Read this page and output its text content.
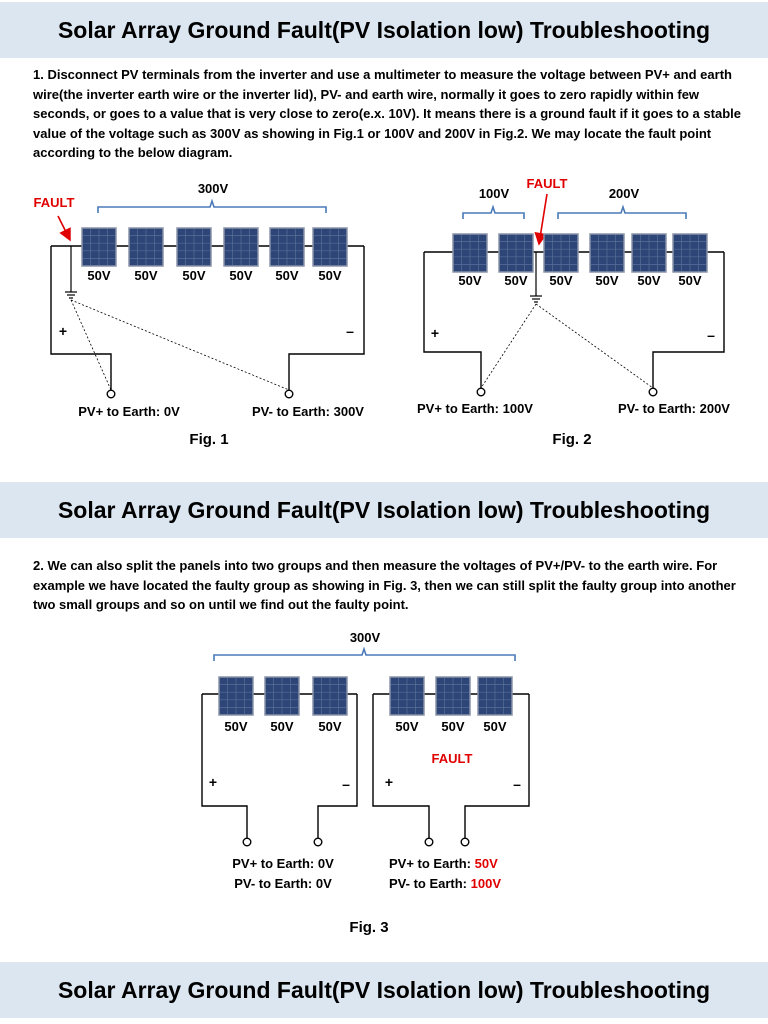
Solar Array Ground Fault(PV Isolation low) Troubleshooting
Solar Array Ground Fault(PV Isolation low) Troubleshooting
Solar Array Ground Fault(PV Isolation low) Troubleshooting

1. Disconnect PV terminals from the inverter and use a multimeter to measure the voltage between PV+ and earth wire(the inverter earth wire or the inverter lid), PV- and earth wire, normally it goes to zero rapidly within few seconds, or goes to a value that is very close to zero(e.x. 10V). It means there is a ground fault if it goes to a stable value of the voltage such as 300V as showing in Fig.1 or 100V and 200V in Fig.2. We may locate the fault point according to the below diagram.

2. We can also split the panels into two groups and then measure the voltages of PV+/PV- to the earth wire. For example we have located the faulty group as showing in Fig. 3, then we can still split the faulty group into another two small groups and so on until we find out the faulty point.

300V
FAULT
+	–
PV+ to Earth: 0V	PV- to Earth: 300V
Fig. 1
50V 50V 50V 50V 50V 50V
100V	200V
FAULT
+	–
PV+ to Earth: 100V	PV- to Earth: 200V
Fig. 2
50V 50V 50V 50V 50V 50V
300V
+	–	+	–
FAULT
PV+ to Earth: 0V
PV- to Earth: 0V
PV+ to Earth: 50V
PV- to Earth: 100V
Fig. 3
50V 50V 50V	50V 50V 50V
